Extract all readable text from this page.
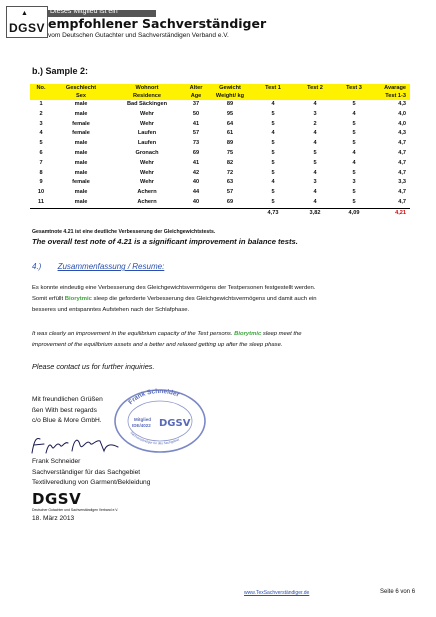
▲
DGSV
Dieses Mitglied ist ein
empfohlener Sachverständiger
vom Deutschen Gutachter und Sachverständigen Verband e.V.
b.) Sample 2:
No.	Geschlecht	Wohnort	Alter	Gewicht	Test 1	Test 2	Test 3	Avarage
	Sex	Residence	Age	Weight/ kg				Test 1-3
1	male	Bad Säckingen	37	89	4	4	5	4,3
2	male	Wehr	50	95	5	3	4	4,0
3	female	Wehr	41	64	5	2	5	4,0
4	female	Laufen	57	61	4	4	5	4,3
5	male	Laufen	73	89	5	4	5	4,7
6	male	Gronach	69	75	5	5	4	4,7
7	male	Wehr	41	82	5	5	4	4,7
8	male	Wehr	42	72	5	4	5	4,7
9	female	Wehr	40	63	4	3	3	3,3
10	male	Achern	44	57	5	4	5	4,7
11	male	Achern	40	69	5	4	5	4,7
					4,73	3,82	4,09	4,21
Gesamtnote 4.21 ist eine deutliche Verbesserung der Gleichgewichtstests.
The overall test note of 4.21 is a significant improvement in balance tests.
4.) Zusammenfassung / Resume:
Es konnte eindeutig eine Verbesserung des Gleichgewichtsvermögens der Testpersonen festgestellt werden.
Somit erfüllt Biorytmic sleep die geforderte Verbesserung des Gleichgewichtsvermögens und damit auch ein
besseres und entspanntes Aufstehen nach der Schlafphase.
It was clearly an improvement in the equilibrium capacity of the Test persons. Biorytmic sleep meet the
improvement of the equilibrium assets and a better and relaxed getting up after the sleep phase.
Please contact us for further inquiries.
Mit freundlichen Grüßen
ßen With best regards
c/o Blue & More GmbH.
Frank Schneider
Sachverständiger für das Sachgebiet
Mitglied
IDE/4022 DGSV
Frank Schneider
Sachverständiger für das Sachgebiet
Textilveredlung von Garment/Bekleidung
DGSV
Deutscher Gutachter und Sachverständigen Verband e.V.
18. März 2013
www.TexSachverständiger.de	Seite 6 von 6
